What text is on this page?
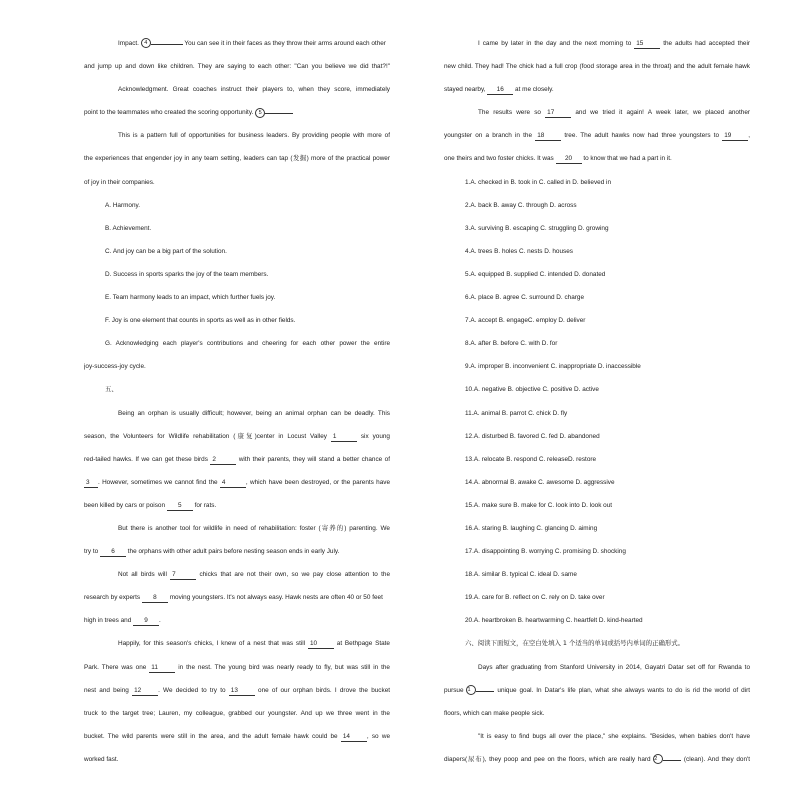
Impact. 4	You can see it in their faces as they throw their arms around each other

and jump up and down like children. They are saying to each other: "Can you believe we did that?!"

Acknowledgment. Great coaches instruct their players to, when they score, immediately

point to the teammates who created the scoring opportunity. 5

This is a pattern full of opportunities for business leaders. By providing people with more of

the experiences that engender joy in any team setting, leaders can tap (发掘) more of the practical power

of joy in their companies.

A. Harmony.

B. Achievement.

C. And joy can be a big part of the solution.

D. Success in sports sparks the joy of the team members.

E. Team harmony leads to an impact, which further fuels joy.

F. Joy is one element that counts in sports as well as in other fields.

G. Acknowledging each player's contributions and cheering for each other power the entire

joy-success-joy cycle.

五、

Being an orphan is usually difficult; however, being an animal orphan can be deadly. This

season, the Volunteers for Wildlife rehabilitation (康复)center in Locust Valley 1	six young

red-tailed hawks. If we can get these birds 2	with their parents, they will stand a better chance of

3 . However, sometimes we cannot find the 4	, which have been destroyed, or the parents have

been killed by cars or poison 5 for rats.

But there is another tool for wildlife in need of rehabilitation: foster (寄养的) parenting. We

try to 6 the orphans with other adult pairs before nesting season ends in early July.

Not all birds will 7	chicks that are not their own, so we pay close attention to the

research by experts 8 moving youngsters. It's not always easy. Hawk nests are often 40 or 50 feet

high in trees and 9 .

Happily, for this season's chicks, I knew of a nest that was still 10	at Bethpage State

Park. There was one 11	in the nest. The young bird was nearly ready to fly, but was still in the

nest and being 12	. We decided to try to 13	one of our orphan birds. I drove the bucket

truck to the target tree; Lauren, my colleague, grabbed our youngster. And up we three went in the

bucket. The wild parents were still in the area, and the adult female hawk could be 14	, so we

worked fast.

I came by later in the day and the next morning to 15	the adults had accepted their

new child. They had! The chick had a full crop (food storage area in the throat) and the adult female hawk

stayed nearby, 16 at me closely.

The results were so 17	and we tried it again! A week later, we placed another

youngster on a branch in the 18	tree. The adult hawks now had three youngsters to 19	,

one theirs and two foster chicks. It was 20 to know that we had a part in it.

1.A. checked in B. took in C. called in D. believed in

2.A. back B. away C. through D. across

3.A. surviving B. escaping C. struggling D. growing

4.A. trees B. holes C. nests D. houses

5.A. equipped B. supplied C. intended D. donated

6.A. place B. agree C. surround D. charge

7.A. accept B. engageC. employ D. deliver

8.A. after B. before C. with D. for

9.A. improper B. inconvenient C. inappropriate D. inaccessible

10.A. negative B. objective C. positive D. active

11.A. animal B. parrot C. chick D. fly

12.A. disturbed B. favored C. fed D. abandoned

13.A. relocate B. respond C. releaseD. restore

14.A. abnormal B. awake C. awesome D. aggressive

15.A. make sure B. make for C. look into D. look out

16.A. staring B. laughing C. glancing D. aiming

17.A. disappointing B. worrying C. promising D. shocking

18.A. similar B. typical C. ideal D. same

19.A. care for B. reflect on C. rely on D. take over

20.A. heartbroken B. heartwarming C. heartfelt D. kind-hearted

六、阅读下面短文，在空白处填入 1 个适当的单词或括号内单词的正确形式。

Days after graduating from Stanford University in 2014, Gayatri Datar set off for Rwanda to

pursue 1	unique goal. In Datar's life plan, what she always wants to do is rid the world of dirt

floors, which can make people sick.

"It is easy to find bugs all over the place," she explains. "Besides, when babies don't have

diapers(尿布), they poop and pee on the floors, which are really hard 2	(clean). And they don't
